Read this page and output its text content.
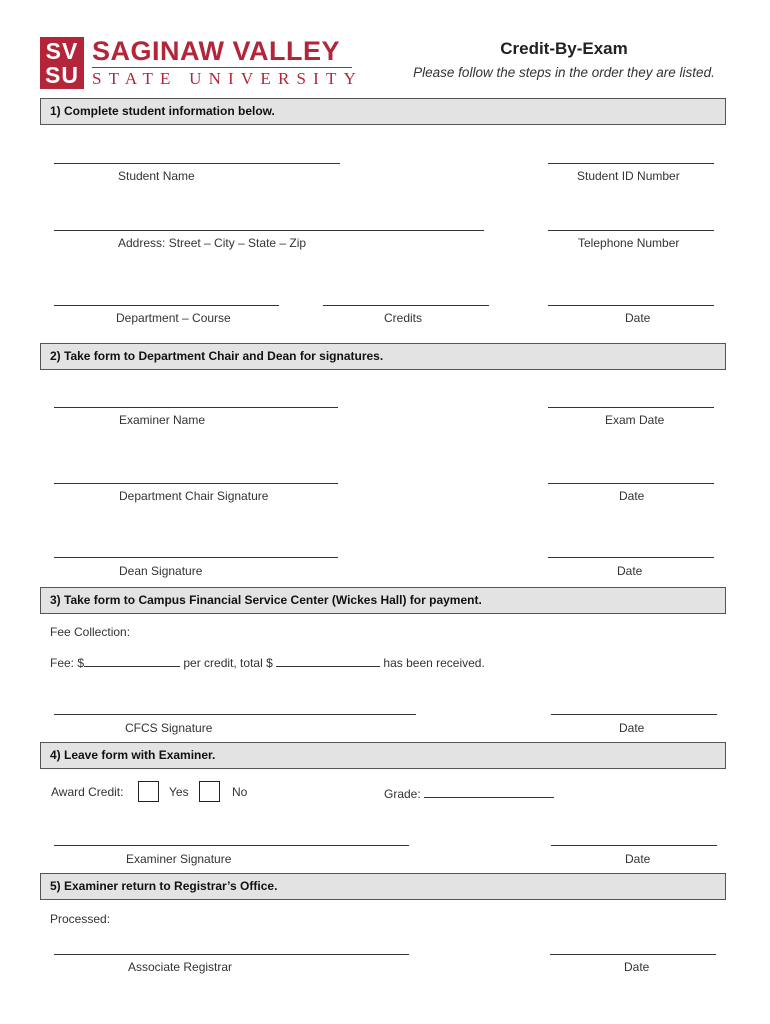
SV
SU
SAGINAW VALLEY
STATE UNIVERSITY
Credit-By-Exam
Please follow the steps in the order they are listed.
1) Complete student information below.
Student Name	Student ID Number
Address: Street – City – State – Zip	Telephone Number
Department – Course	Credits	Date
2) Take form to Department Chair and Dean for signatures.
Examiner Name	Exam Date
Department Chair Signature	Date
Dean Signature	Date
3) Take form to Campus Financial Service Center (Wickes Hall) for payment.
Fee Collection:
Fee: $	per credit, total $	has been received.
CFCS Signature	Date
4) Leave form with Examiner.
Award Credit:	Yes	No	Grade:
Examiner Signature	Date
5) Examiner return to Registrar’s Office.
Processed:
Associate Registrar	Date
